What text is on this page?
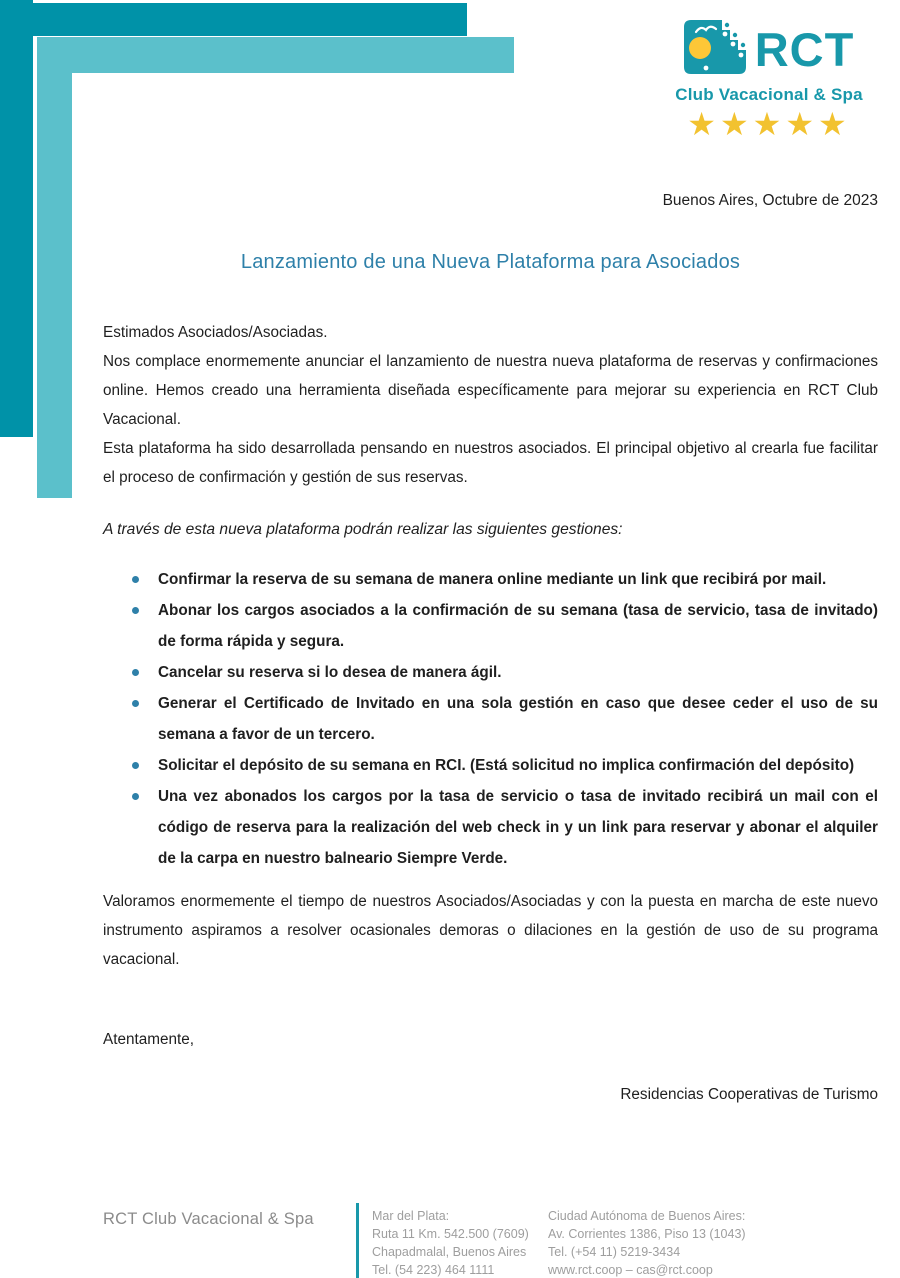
RCT
Club Vacacional & Spa
★★★★★
Buenos Aires, Octubre de 2023
Lanzamiento de una Nueva Plataforma para Asociados

Estimados Asociados/Asociadas.

Nos complace enormemente anunciar el lanzamiento de nuestra nueva plataforma de reservas y confirmaciones online. Hemos creado una herramienta diseñada específicamente para mejorar su experiencia en RCT Club Vacacional.

Esta plataforma ha sido desarrollada pensando en nuestros asociados. El principal objetivo al crearla fue facilitar el proceso de confirmación y gestión de sus reservas.

A través de esta nueva plataforma podrán realizar las siguientes gestiones:

Confirmar la reserva de su semana de manera online mediante un link que recibirá por mail.
Abonar los cargos asociados a la confirmación de su semana (tasa de servicio, tasa de invitado) de forma rápida y segura.
Cancelar su reserva si lo desea de manera ágil.
Generar el Certificado de Invitado en una sola gestión en caso que desee ceder el uso de su semana a favor de un tercero.
Solicitar el depósito de su semana en RCI. (Está solicitud no implica confirmación del depósito)
Una vez abonados los cargos por la tasa de servicio o tasa de invitado recibirá un mail con el código de reserva para la realización del web check in y un link para reservar y abonar el alquiler de la carpa en nuestro balneario Siempre Verde.

Valoramos enormemente el tiempo de nuestros Asociados/Asociadas y con la puesta en marcha de este nuevo instrumento aspiramos a resolver ocasionales demoras o dilaciones en la gestión de uso de su programa vacacional.

Atentamente,

Residencias Cooperativas de Turismo

RCT Club Vacacional & Spa	Mar del Plata:
Ruta 11 Km. 542.500 (7609)
Chapadmalal, Buenos Aires
Tel. (54 223) 464 1111
Ciudad Autónoma de Buenos Aires:
Av. Corrientes 1386, Piso 13 (1043)
Tel. (+54 11) 5219-3434
www.rct.coop – cas@rct.coop
